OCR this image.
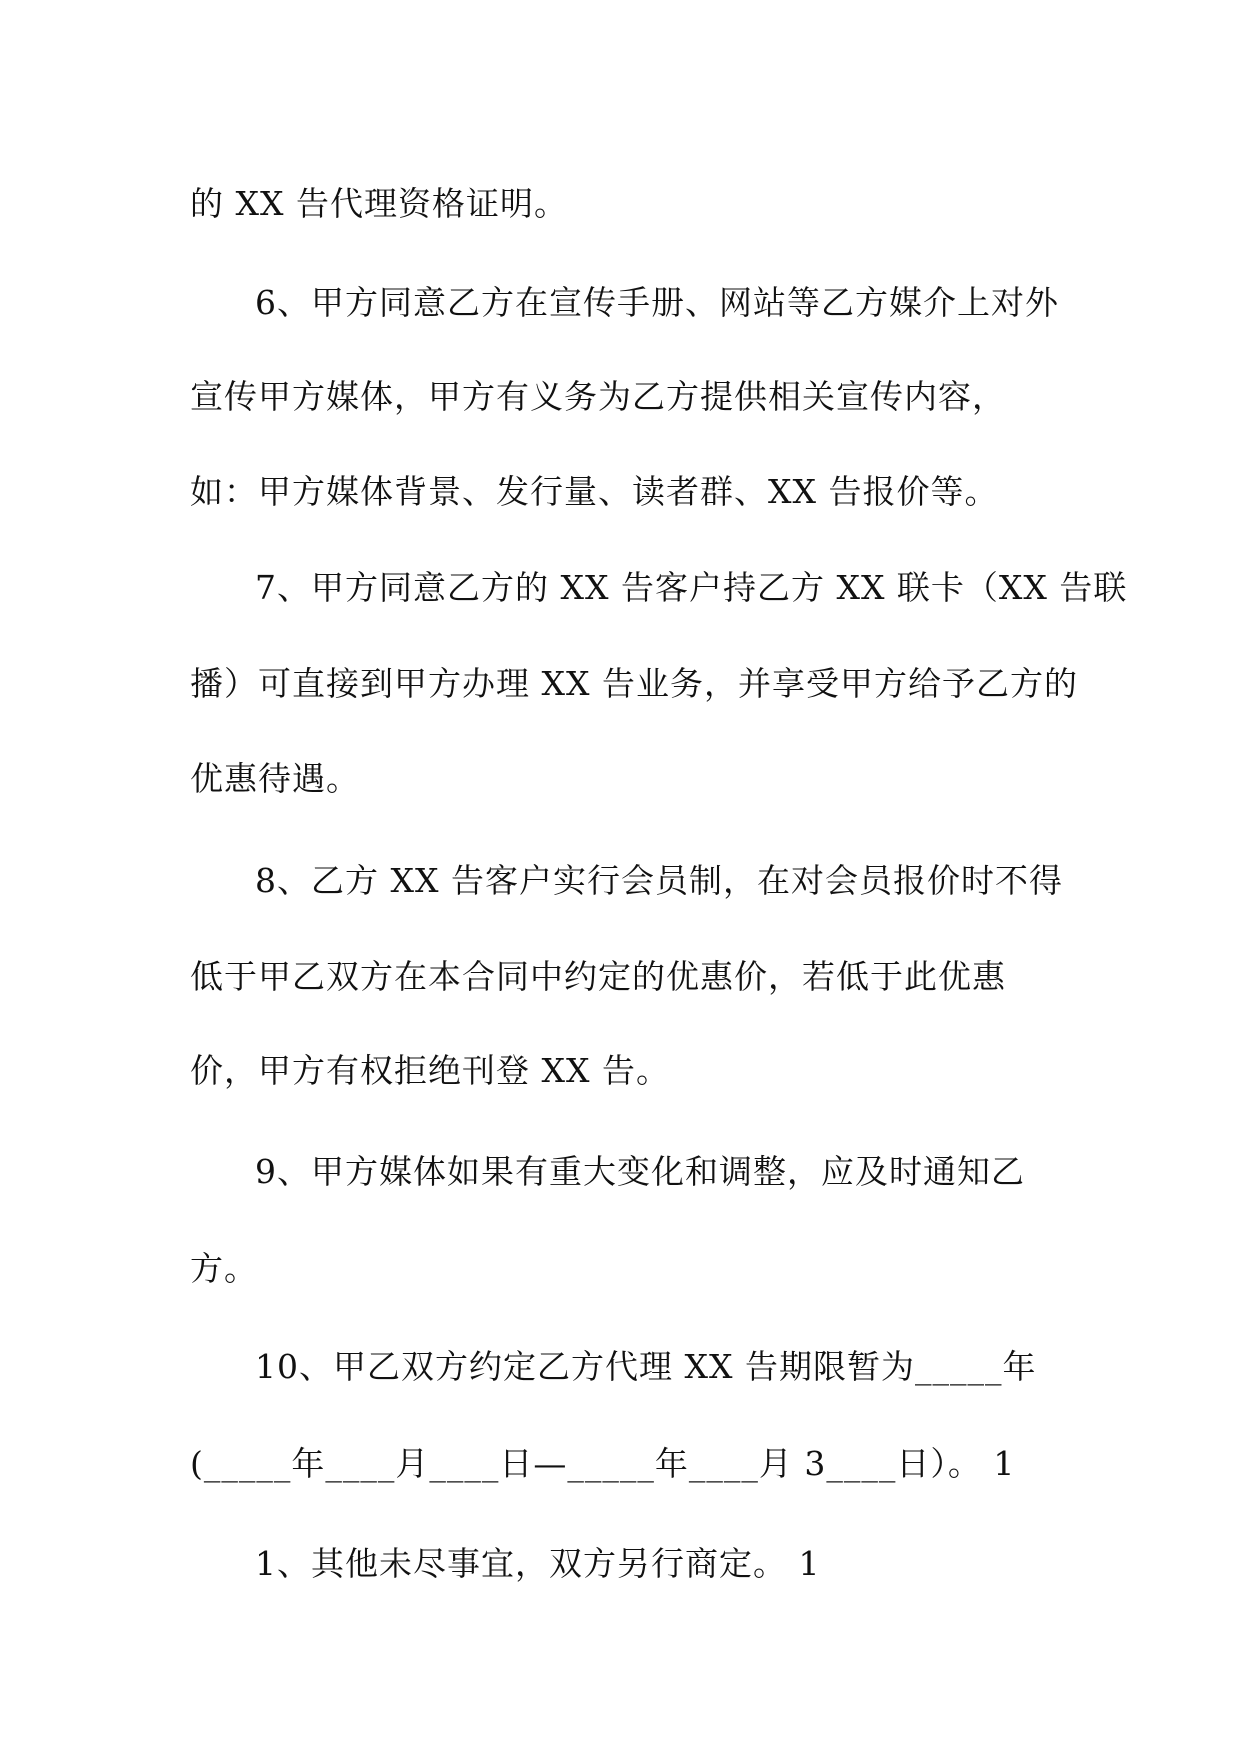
的 XX 告代理资格证明。
6、甲方同意乙方在宣传手册、网站等乙方媒介上对外
宣传甲方媒体，甲方有义务为乙方提供相关宣传内容，
如：甲方媒体背景、发行量、读者群、XX 告报价等。
7、甲方同意乙方的 XX 告客户持乙方 XX 联卡（XX 告联
播）可直接到甲方办理 XX 告业务，并享受甲方给予乙方的
优惠待遇。
8、乙方 XX 告客户实行会员制，在对会员报价时不得
低于甲乙双方在本合同中约定的优惠价，若低于此优惠
价，甲方有权拒绝刊登 XX 告。
9、甲方媒体如果有重大变化和调整，应及时通知乙
方。
10、甲乙双方约定乙方代理 XX 告期限暂为_____年
(_____年____月____日—_____年____月 3____日）。 1
1、其他未尽事宜，双方另行商定。 1
